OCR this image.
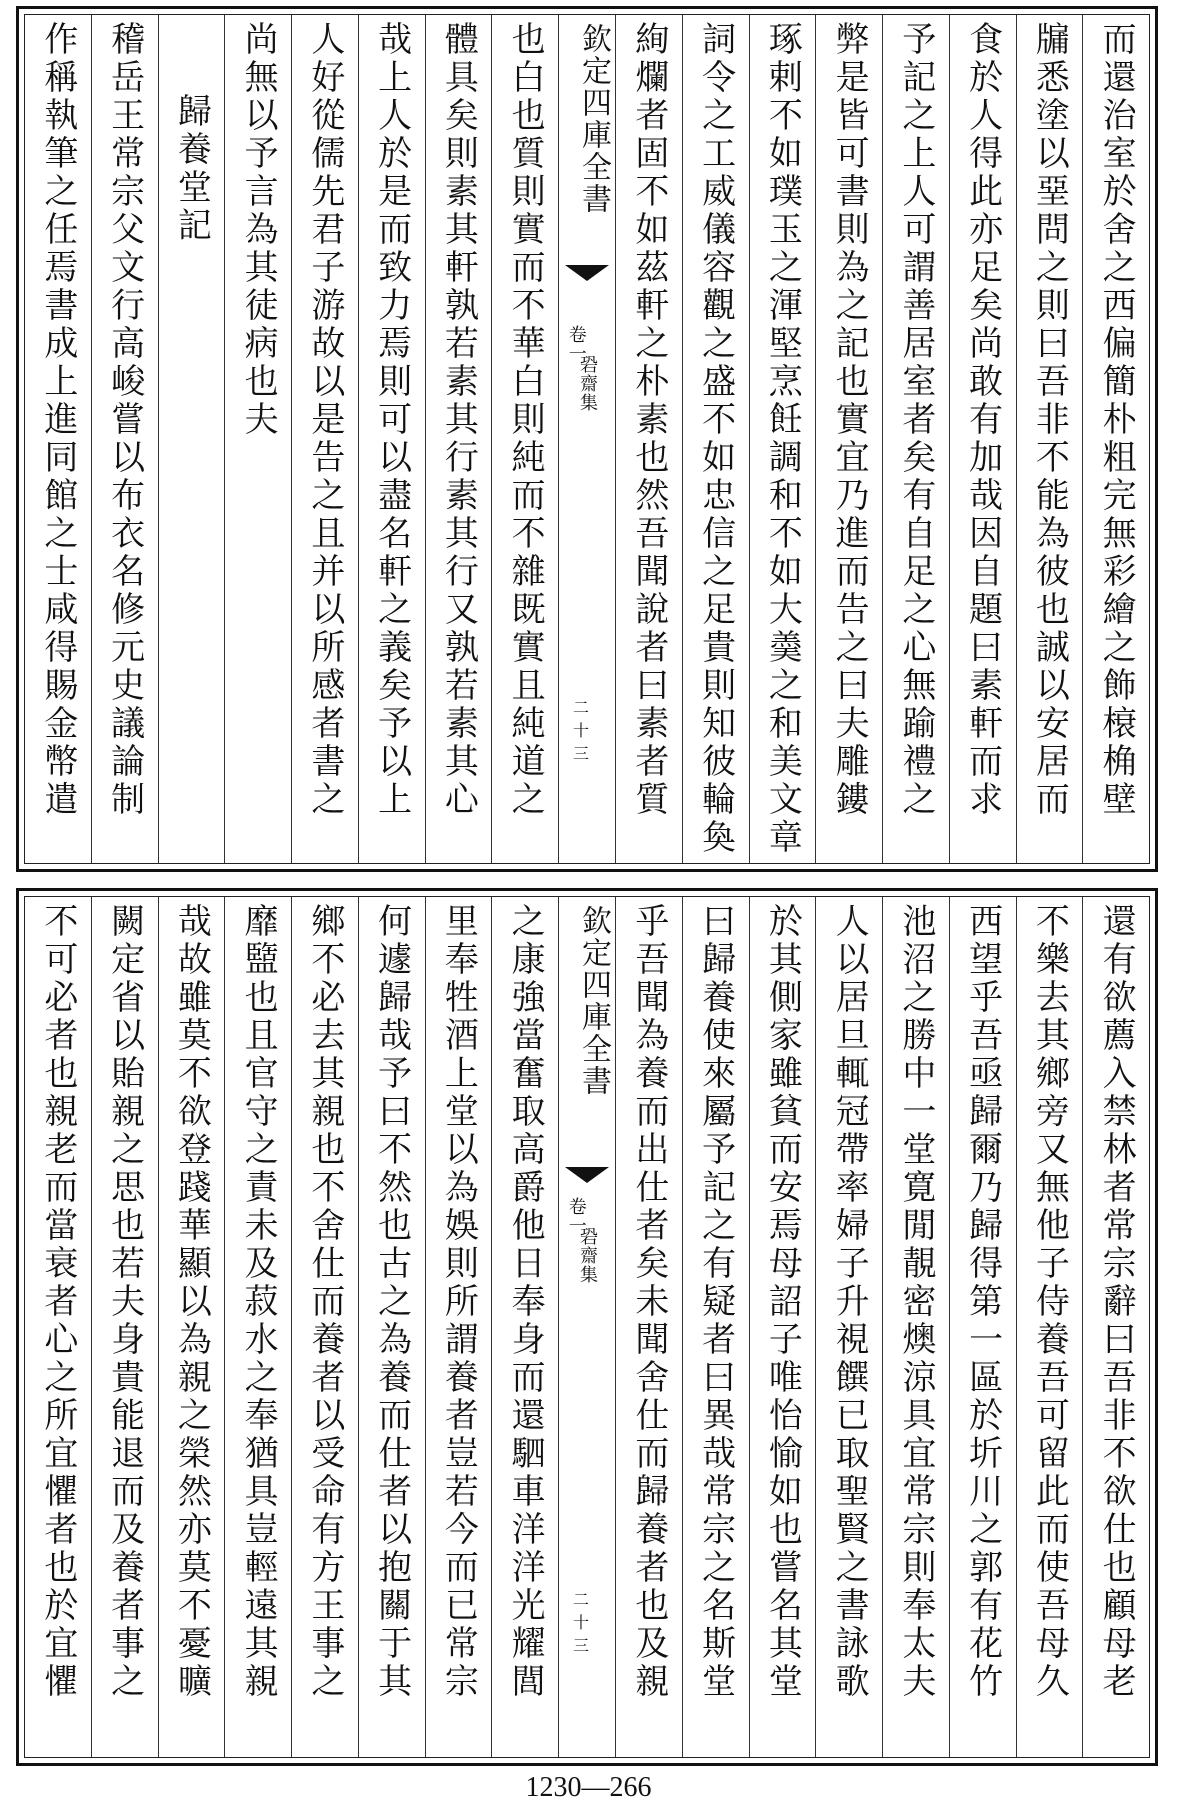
而還治室於舍之西偏簡朴粗完無彩繪之飾榱桷壁
牖悉塗以堊問之則曰吾非不能為彼也誠以安居而
食於人得此亦足矣尚敢有加哉因自題曰素軒而求
予記之上人可謂善居室者矣有自足之心無踰禮之
弊是皆可書則為之記也實宜乃進而告之曰夫雕鏤
琢剌不如璞玉之渾堅烹飪調和不如大羮之和美文章
詞令之工威儀容觀之盛不如忠信之足貴則知彼輪奐
絢爛者固不如茲軒之朴素也然吾聞說者曰素者質
欽定四庫全書
䂬齋集
卷一
二十三
也白也質則實而不華白則純而不雜既實且純道之
體具矣則素其軒孰若素其行素其行又孰若素其心
哉上人於是而致力焉則可以盡名軒之義矣予以上
人好從儒先君子游故以是告之且并以所感者書之
尚無以予言為其徒病也夫
歸養堂記
稽岳王常宗父文行高峻嘗以布衣名修元史議論制
作稱執筆之任焉書成上進同館之士咸得賜金幣遣
還有欲薦入禁林者常宗辭曰吾非不欲仕也顧母老
不樂去其鄉旁又無他子侍養吾可留此而使吾母久
西望乎吾亟歸爾乃歸得第一區於圻川之郭有花竹
池沼之勝中一堂寛閒靚密燠涼具宜常宗則奉太夫
人以居旦輒冠帶率婦子升視饌已取聖賢之書詠歌
於其側家雖貧而安焉母詔子唯怡愉如也嘗名其堂
曰歸養使來屬予記之有疑者曰異哉常宗之名斯堂
乎吾聞為養而出仕者矣未聞舍仕而歸養者也及親
欽定四庫全書
䂬齋集
卷一
二十三
之康強當奮取高爵他日奉身而還駟車洋洋光耀閭
里奉牲酒上堂以為娛則所謂養者豈若今而已常宗
何遽歸哉予曰不然也古之為養而仕者以抱關于其
鄉不必去其親也不舍仕而養者以受命有方王事之
靡盬也且官守之責未及菽水之奉猶具豈輕遠其親
哉故雖莫不欲登踐華顯以為親之榮然亦莫不憂曠
闕定省以貽親之思也若夫身貴能退而及養者事之
不可必者也親老而當衰者心之所宜懼者也於宜懼
1230—266
